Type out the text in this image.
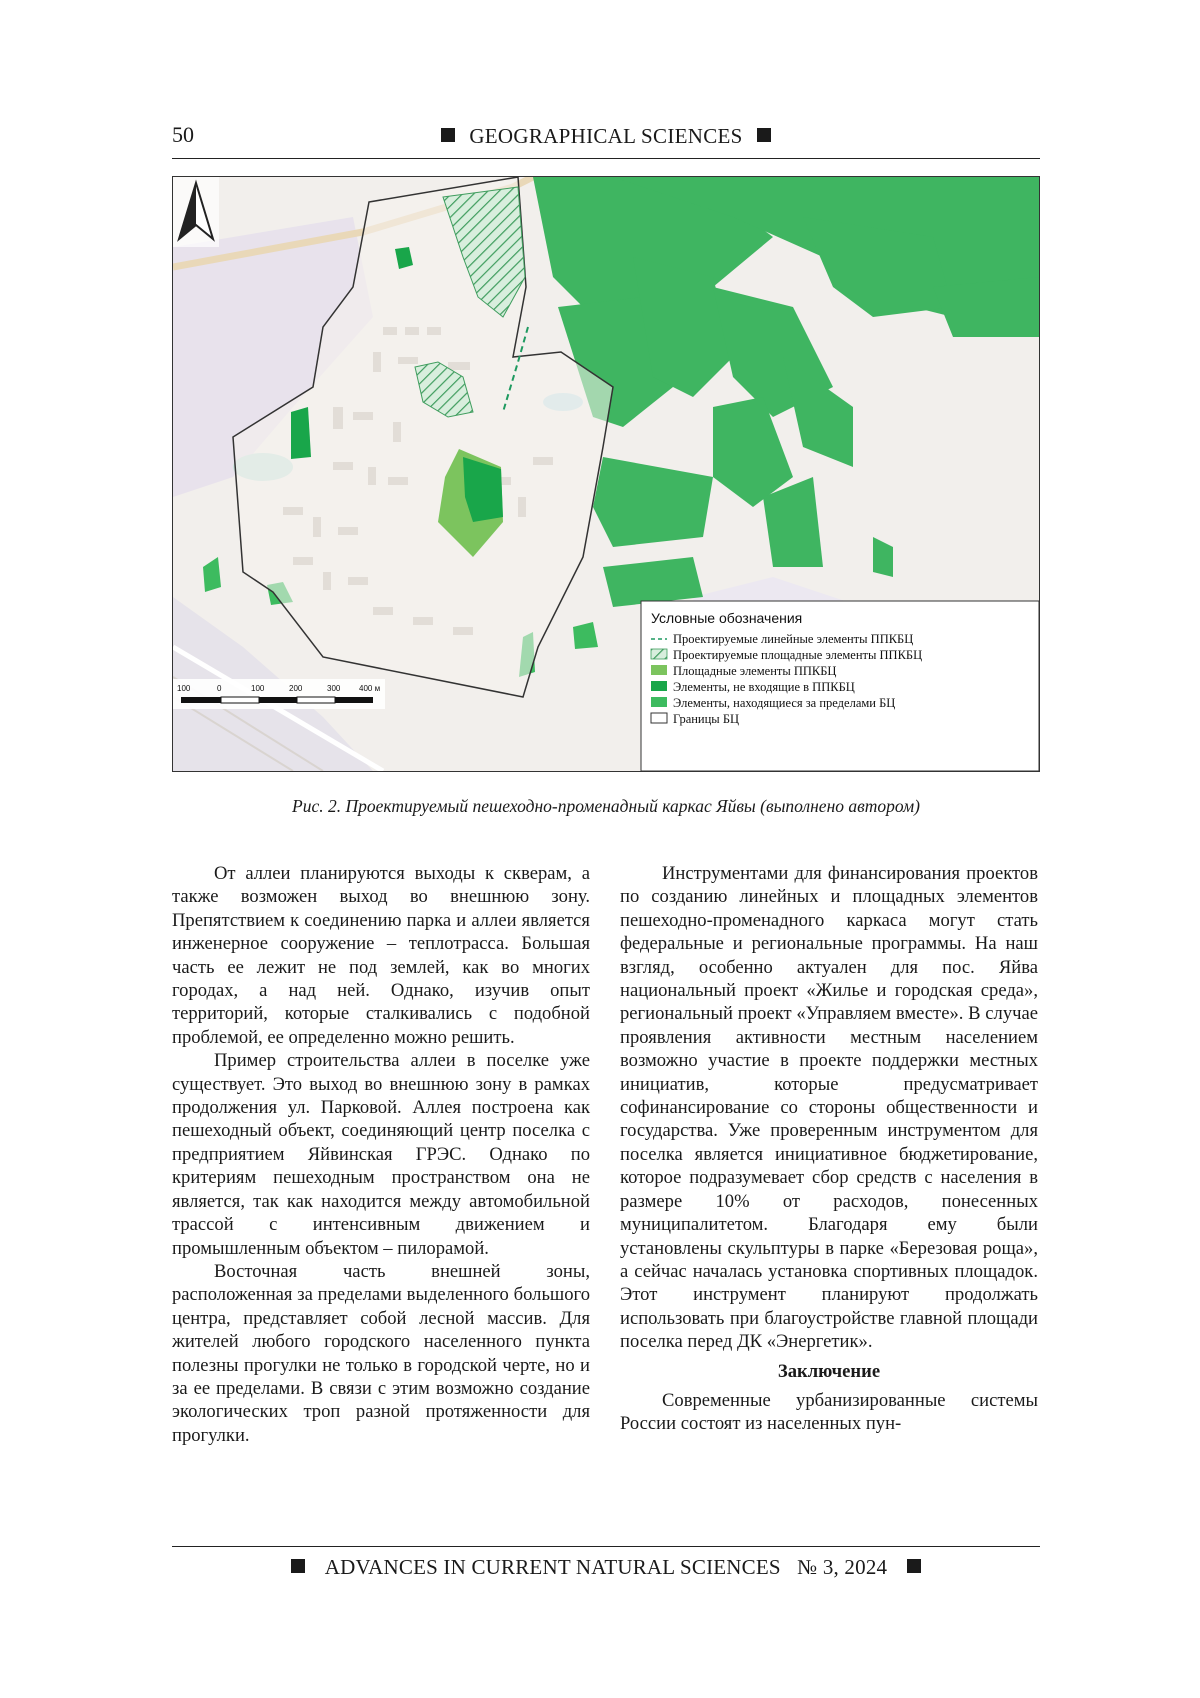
50	GEOGRAPHICAL SCIENCES
100	0	100	200	300 400 м
Условные обозначения
Проектируемые линейные элементы ППКБЦ
Проектируемые площадные элементы ППКБЦ
Площадные элементы ППКБЦ
Элементы, не входящие в ППКБЦ
Элементы, находящиеся за пределами БЦ
Границы БЦ
Рис. 2. Проектируемый пешеходно-променадный каркас Яйвы (выполнено автором)

От аллеи планируются выходы к скверам, а также возможен выход во внешнюю зону. Препятствием к соединению парка и аллеи является инженерное сооружение – теплотрасса. Большая часть ее лежит не под землей, как во многих городах, а над ней. Однако, изучив опыт территорий, которые сталкивались с подобной проблемой, ее определенно можно решить.

Пример строительства аллеи в поселке уже существует. Это выход во внешнюю зону в рамках продолжения ул. Парковой. Аллея построена как пешеходный объект, соединяющий центр поселка с предприятием Яйвинская ГРЭС. Однако по критериям пешеходным пространством она не является, так как находится между автомобильной трассой с интенсивным движением и промышленным объектом – пилорамой.

Восточная часть внешней зоны, расположенная за пределами выделенного большого центра, представляет собой лесной массив. Для жителей любого городского населенного пункта полезны прогулки не только в городской черте, но и за ее пределами. В связи с этим возможно создание экологических троп разной протяженности для прогулки.

Инструментами для финансирования проектов по созданию линейных и площадных элементов пешеходно-променадного каркаса могут стать федеральные и региональные программы. На наш взгляд, особенно актуален для пос. Яйва национальный проект «Жилье и городская среда», региональный проект «Управляем вместе». В случае проявления активности местным населением возможно участие в проекте поддержки местных инициатив, которые предусматривает софинансирование со стороны общественности и государства. Уже проверенным инструментом для поселка является инициативное бюджетирование, которое подразумевает сбор средств с населения в размере 10% от расходов, понесенных муниципалитетом. Благодаря ему были установлены скульптуры в парке «Березовая роща», а сейчас началась установка спортивных площадок. Этот инструмент планируют продолжать использовать при благоустройстве главной площади поселка перед ДК «Энергетик».

Заключение

Современные урбанизированные системы России состоят из населенных пун-

ADVANCES IN CURRENT NATURAL SCIENCES № 3, 2024
